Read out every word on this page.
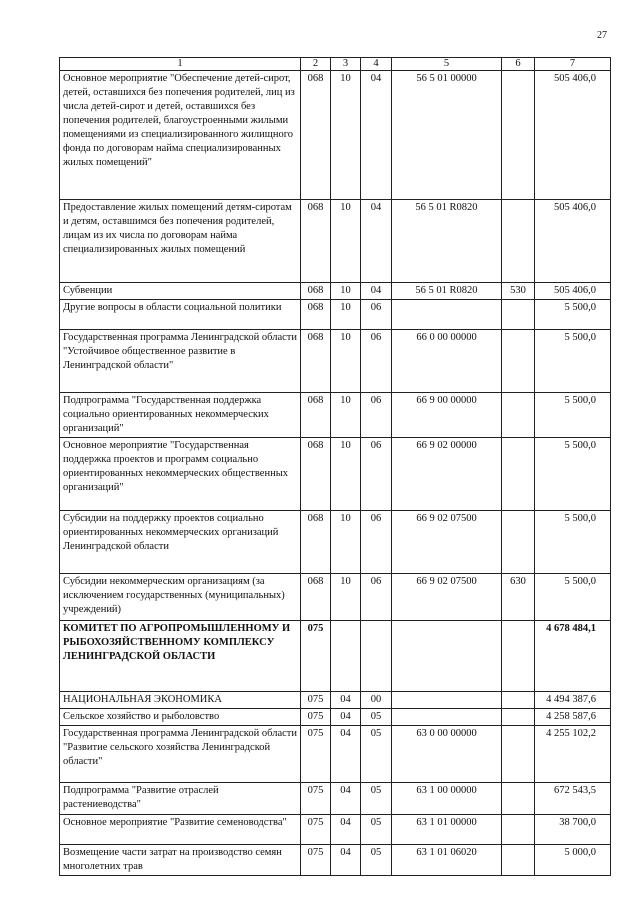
27
1	2	3	4	5	6	7
Основное мероприятие "Обеспечение детей-сирот, детей, оставшихся без попечения родителей, лиц из числа детей-сирот и детей, оставшихся без попечения родителей, благоустроенными жилыми помещениями из специализированного жилищного фонда по договорам найма специализированных жилых помещений"	068	10	04	56 5 01 00000		505 406,0
Предоставление жилых помещений детям-сиротам и детям, оставшимся без попечения родителей, лицам из их числа по договорам найма специализированных жилых помещений	068	10	04	56 5 01 R0820		505 406,0
Субвенции	068	10	04	56 5 01 R0820	530	505 406,0
Другие вопросы в области социальной политики	068	10	06			5 500,0
Государственная программа Ленинградской области "Устойчивое общественное развитие в Ленинградской области"	068	10	06	66 0 00 00000		5 500,0
Подпрограмма "Государственная поддержка социально ориентированных некоммерческих организаций"	068	10	06	66 9 00 00000		5 500,0
Основное мероприятие "Государственная поддержка проектов и программ социально ориентированных некоммерческих общественных организаций"	068	10	06	66 9 02 00000		5 500,0
Субсидии на поддержку проектов социально ориентированных некоммерческих организаций Ленинградской области	068	10	06	66 9 02 07500		5 500,0
Субсидии некоммерческим организациям (за исключением государственных (муниципальных) учреждений)	068	10	06	66 9 02 07500	630	5 500,0
КОМИТЕТ ПО АГРОПРОМЫШЛЕННОМУ И РЫБОХОЗЯЙСТВЕННОМУ КОМПЛЕКСУ ЛЕНИНГРАДСКОЙ ОБЛАСТИ	075					4 678 484,1
НАЦИОНАЛЬНАЯ ЭКОНОМИКА	075	04	00			4 494 387,6
Сельское хозяйство и рыболовство	075	04	05			4 258 587,6
Государственная программа Ленинградской области "Развитие сельского хозяйства Ленинградской области"	075	04	05	63 0 00 00000		4 255 102,2
Подпрограмма "Развитие отраслей растениеводства"	075	04	05	63 1 00 00000		672 543,5
Основное мероприятие "Развитие семеноводства"	075	04	05	63 1 01 00000		38 700,0
Возмещение части затрат на производство семян многолетних трав	075	04	05	63 1 01 06020		5 000,0
